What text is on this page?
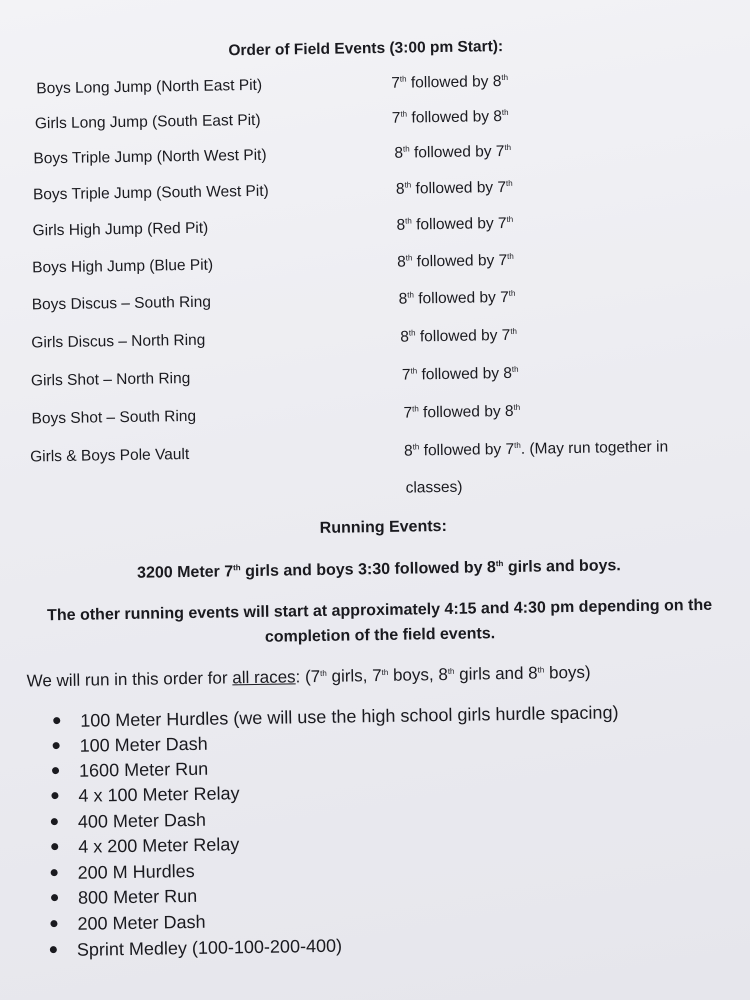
Order of Field Events (3:00 pm Start):
Boys Long Jump (North East Pit)	7th followed by 8th
Girls Long Jump (South East Pit)	7th followed by 8th
Boys Triple Jump (North West Pit)	8th followed by 7th
Boys Triple Jump (South West Pit)	8th followed by 7th
Girls High Jump (Red Pit)	8th followed by 7th
Boys High Jump (Blue Pit)	8th followed by 7th
Boys Discus – South Ring	8th followed by 7th
Girls Discus – North Ring	8th followed by 7th
Girls Shot – North Ring	7th followed by 8th
Boys Shot – South Ring	7th followed by 8th
Girls & Boys Pole Vault	8th followed by 7th. (May run together in
classes)
Running Events:
3200 Meter 7th girls and boys 3:30 followed by 8th girls and boys.
The other running events will start at approximately 4:15 and 4:30 pm depending on the completion of the field events.
We will run in this order for all races: (7th girls, 7th boys, 8th girls and 8th boys)
100 Meter Hurdles (we will use the high school girls hurdle spacing)
100 Meter Dash
1600 Meter Run
4 x 100 Meter Relay
400 Meter Dash
4 x 200 Meter Relay
200 M Hurdles
800 Meter Run
200 Meter Dash
Sprint Medley (100-100-200-400)
